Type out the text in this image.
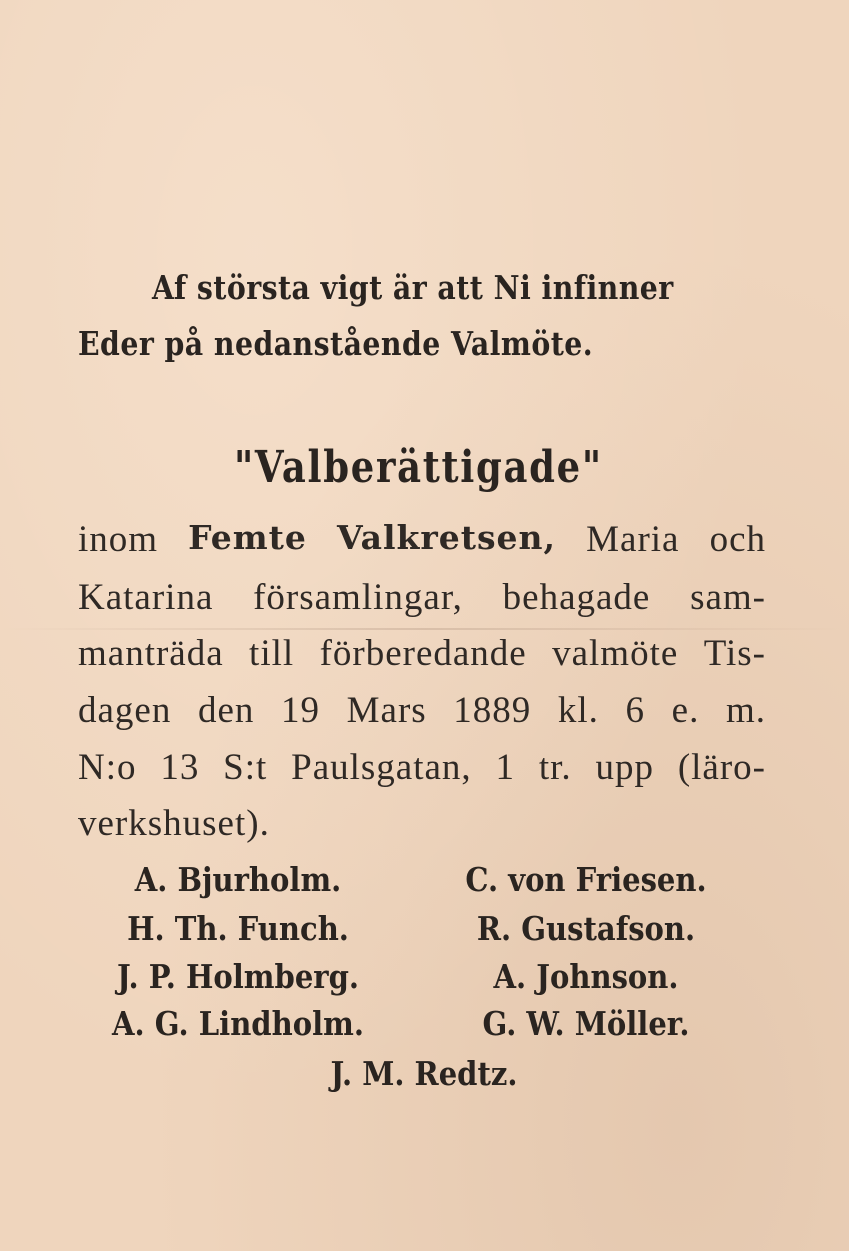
Af största vigt är att Ni infinner

Eder på nedanstående Valmöte.

"Valberättigade"

inom Femte Valkretsen, Maria och
Katarina församlingar, behagade sam-
manträda till förberedande valmöte Tis-
dagen den 19 Mars 1889 kl. 6 e. m.
N:o 13 S:t Paulsgatan, 1 tr. upp (läro-

verkshuset).

A. Bjurholm.	C. von Friesen.
H. Th. Funch.	R. Gustafson.
J. P. Holmberg.	A. Johnson.
A. G. Lindholm.	G. W. Möller.
J. M. Redtz.
